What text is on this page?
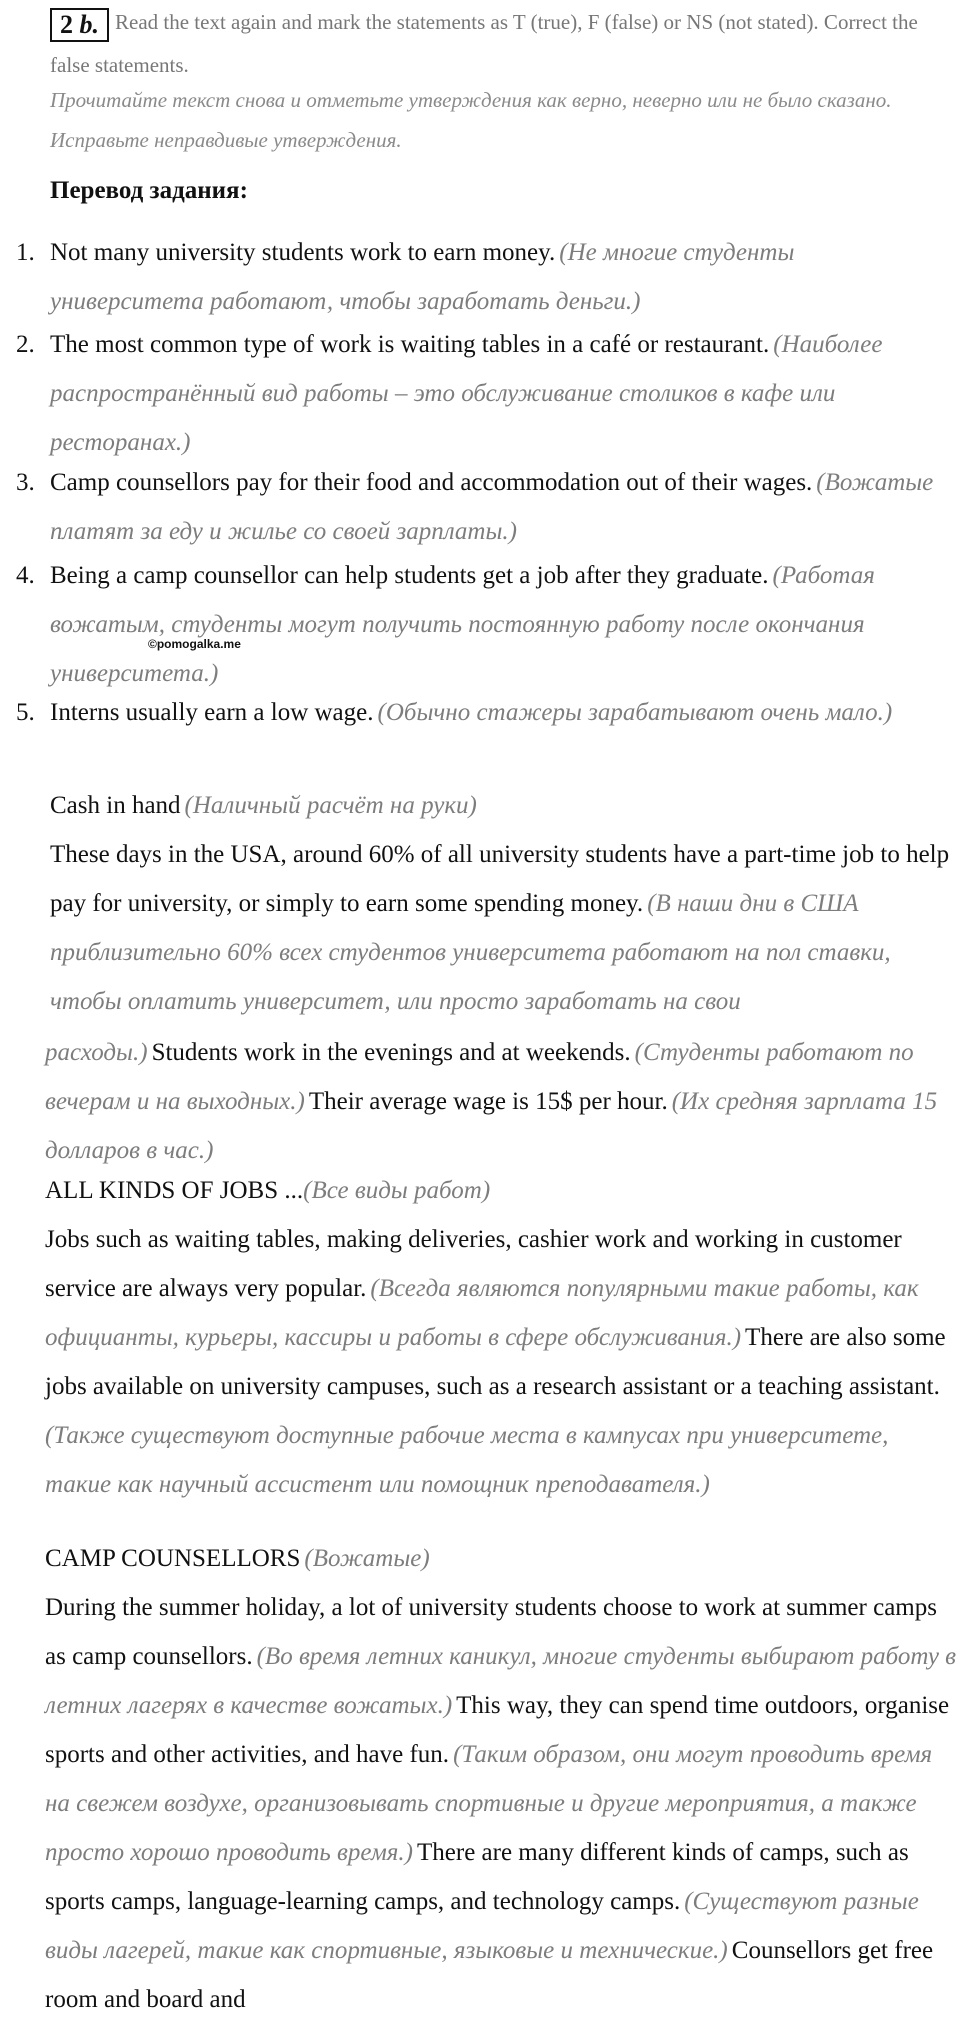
2 b. Read the text again and mark the statements as T (true), F (false) or NS (not stated). Correct the false statements.
Прочитайте текст снова и отметьте утверждения как верно, неверно или не было сказано. Исправьте неправдивые утверждения.
Перевод задания:
1. Not many university students work to earn money. (Не многие студенты университета работают, чтобы заработать деньги.)
2. The most common type of work is waiting tables in a café or restaurant. (Наиболее распространённый вид работы – это обслуживание столиков в кафе или ресторанах.)
3. Camp counsellors pay for their food and accommodation out of their wages. (Вожатые платят за еду и жилье со своей зарплаты.)
4. Being a camp counsellor can help students get a job after they graduate. (Работая вожатым, студенты могут получить постоянную работу после окончания университета.)
©pomogalka.me
5. Interns usually earn a low wage. (Обычно стажеры зарабатывают очень мало.)
Cash in hand (Наличный расчёт на руки)
These days in the USA, around 60% of all university students have a part-time job to help pay for university, or simply to earn some spending money. (В наши дни в США приблизительно 60% всех студентов университета работают на пол ставки, чтобы оплатить университет, или просто заработать на свои
расходы.) Students work in the evenings and at weekends. (Студенты работают по вечерам и на выходных.) Their average wage is 15$ per hour. (Их средняя зарплата 15 долларов в час.)
ALL KINDS OF JOBS ...(Все виды работ)
Jobs such as waiting tables, making deliveries, cashier work and working in customer service are always very popular. (Всегда являются популярными такие работы, как официанты, курьеры, кассиры и работы в сфере обслуживания.) There are also some jobs available on university campuses, such as a research assistant or a teaching assistant. (Также существуют доступные рабочие места в кампусах при университете, такие как научный ассистент или помощник преподавателя.)
CAMP COUNSELLORS (Вожатые)
During the summer holiday, a lot of university students choose to work at summer camps as camp counsellors. (Во время летних каникул, многие студенты выбирают работу в летних лагерях в качестве вожатых.) This way, they can spend time outdoors, organise sports and other activities, and have fun. (Таким образом, они могут проводить время на свежем воздухе, организовывать спортивные и другие мероприятия, а также просто хорошо проводить время.) There are many different kinds of camps, such as sports camps, language-learning camps, and technology camps. (Существуют разные виды лагерей, такие как спортивные, языковые и технические.) Counsellors get free room and board and
